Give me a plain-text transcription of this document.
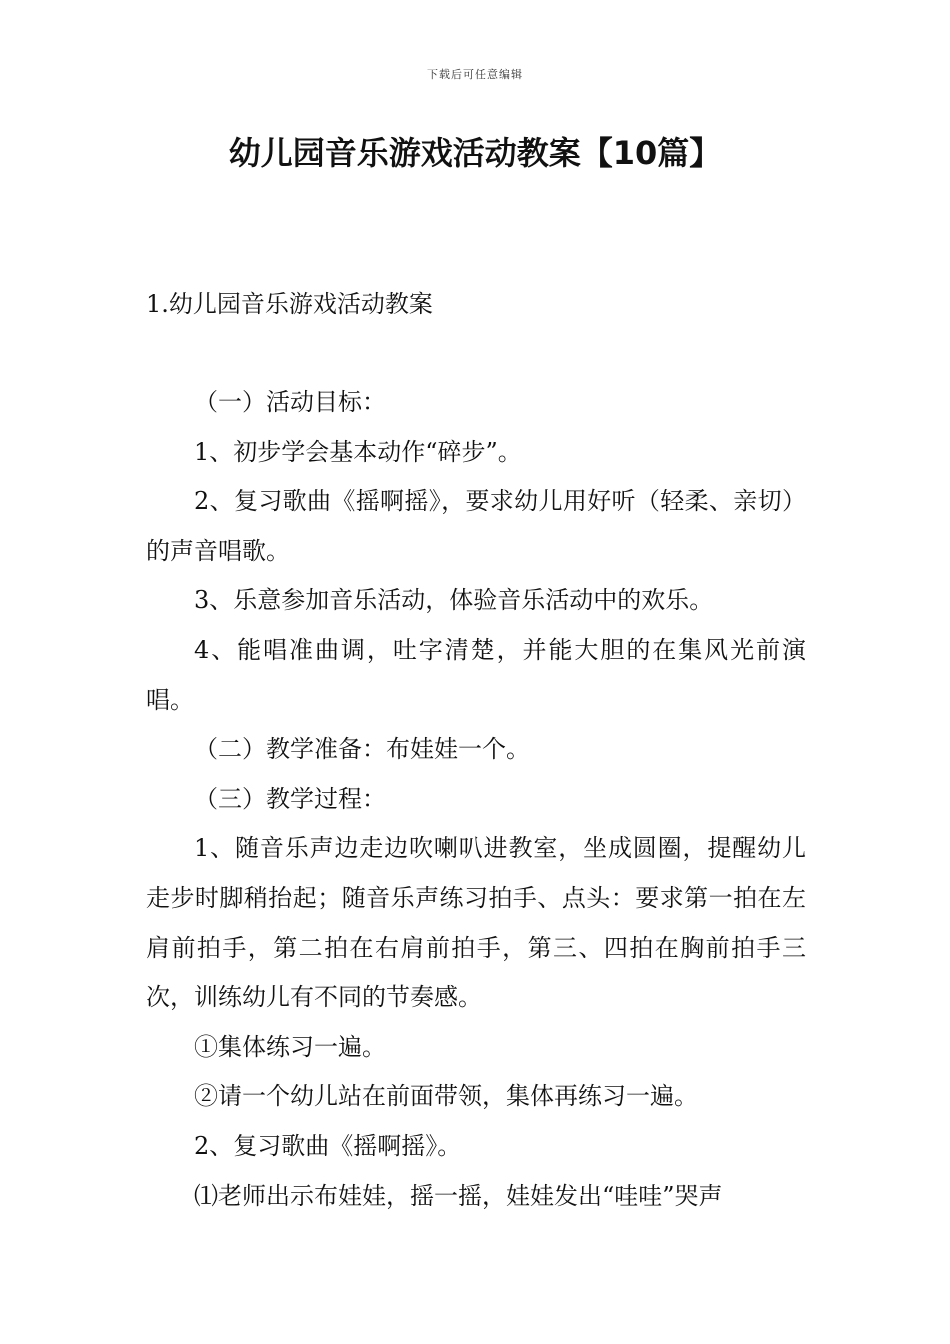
下载后可任意编辑
幼儿园音乐游戏活动教案【10篇】
1.幼儿园音乐游戏活动教案

（一）活动目标：

1、初步学会基本动作“碎步”。

2、复习歌曲《摇啊摇》，要求幼儿用好听（轻柔、亲切）的声音唱歌。

3、乐意参加音乐活动，体验音乐活动中的欢乐。

4、能唱准曲调，吐字清楚，并能大胆的在集风光前演唱。

（二）教学准备：布娃娃一个。

（三）教学过程：

1、随音乐声边走边吹喇叭进教室，坐成圆圈，提醒幼儿走步时脚稍抬起；随音乐声练习拍手、点头：要求第一拍在左肩前拍手，第二拍在右肩前拍手，第三、四拍在胸前拍手三次，训练幼儿有不同的节奏感。

①集体练习一遍。

②请一个幼儿站在前面带领，集体再练习一遍。

2、复习歌曲《摇啊摇》。

⑴老师出示布娃娃，摇一摇，娃娃发出“哇哇”哭声
